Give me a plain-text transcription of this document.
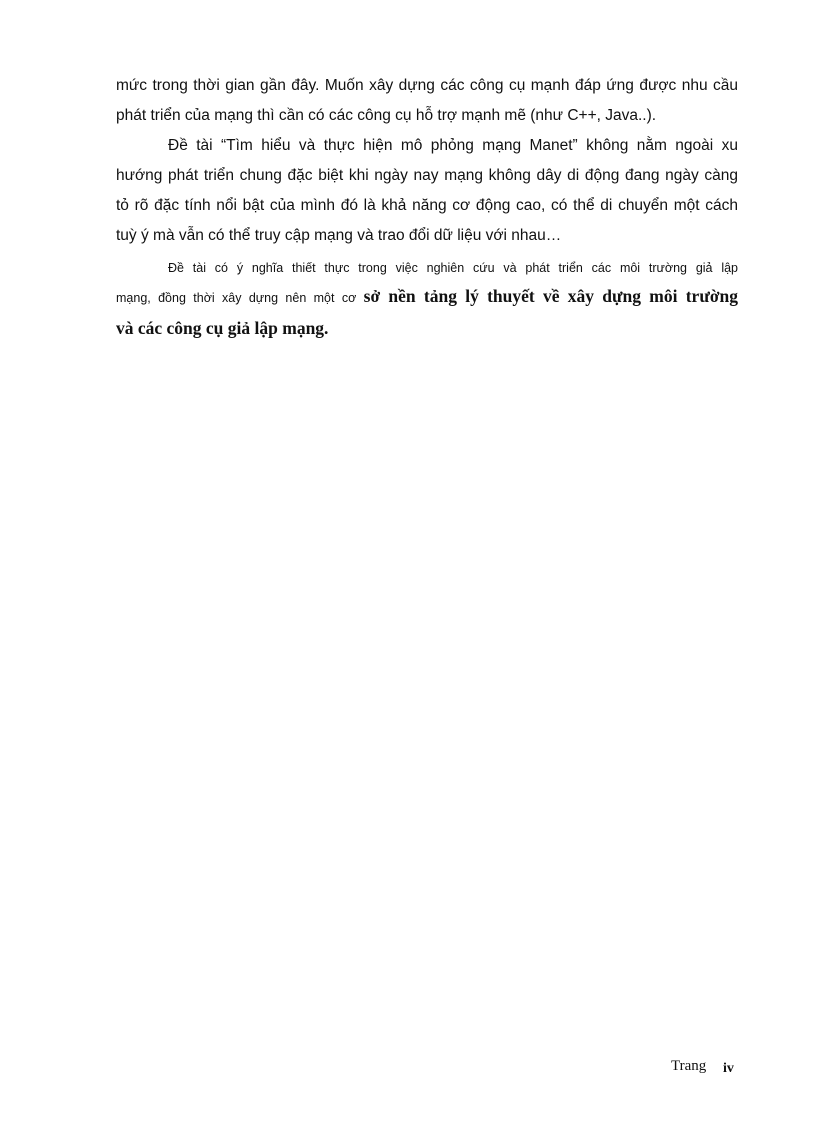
mức trong thời gian gần đây. Muốn xây dựng các công cụ mạnh đáp ứng được nhu cầu
phát triển của mạng thì cần có các công cụ hỗ trợ mạnh mẽ (như C++, Java..).
Đề tài “Tìm hiểu và thực hiện mô phỏng mạng Manet” không nằm ngoài xu
hướng phát triển chung đặc biệt khi ngày nay mạng không dây di động đang ngày càng
tỏ rõ đặc tính nổi bật của mình đó là khả năng cơ động cao, có thể di chuyển một cách
tuỳ ý mà vẫn có thể truy cập mạng và trao đổi dữ liệu với nhau…
Đề tài có ý nghĩa thiết thực trong việc nghiên cứu và phát triển các môi trường giả lập
mạng, đồng thời xây dựng nên một cơ sở nền tảng lý thuyết về xây dựng môi trường
và các công cụ giả lập mạng.
Trang iv
